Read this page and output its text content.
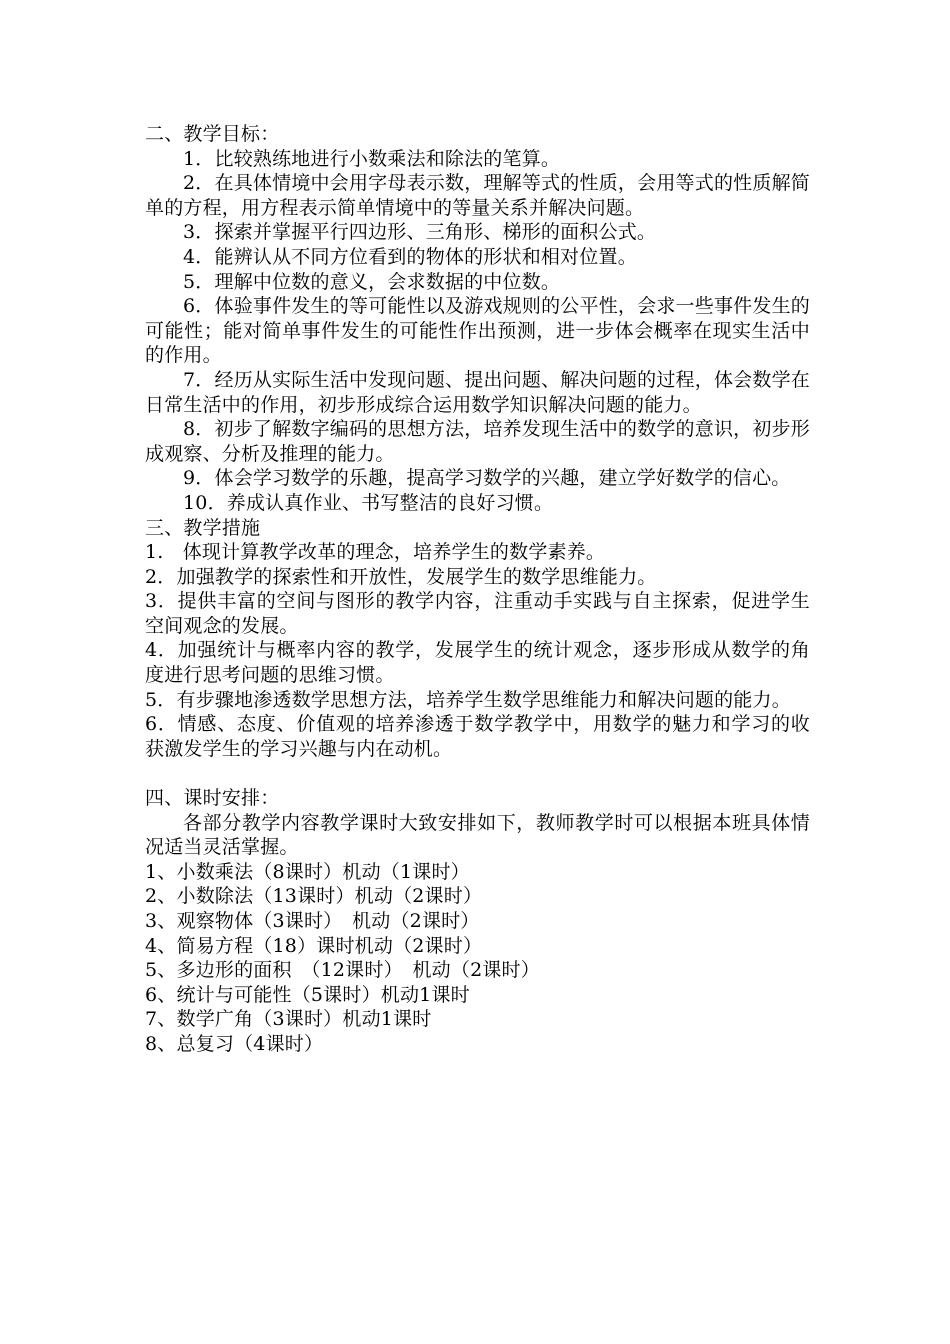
二、教学目标：

1．比较熟练地进行小数乘法和除法的笔算。

2．在具体情境中会用字母表示数，理解等式的性质，会用等式的性质解简单的方程，用方程表示简单情境中的等量关系并解决问题。

3．探索并掌握平行四边形、三角形、梯形的面积公式。

4．能辨认从不同方位看到的物体的形状和相对位置。

5．理解中位数的意义，会求数据的中位数。

6．体验事件发生的等可能性以及游戏规则的公平性，会求一些事件发生的可能性；能对简单事件发生的可能性作出预测，进一步体会概率在现实生活中的作用。

7．经历从实际生活中发现问题、提出问题、解决问题的过程，体会数学在日常生活中的作用，初步形成综合运用数学知识解决问题的能力。

8．初步了解数字编码的思想方法，培养发现生活中的数学的意识，初步形成观察、分析及推理的能力。

9．体会学习数学的乐趣，提高学习数学的兴趣，建立学好数学的信心。

10．养成认真作业、书写整洁的良好习惯。

三、教学措施

1.　体现计算教学改革的理念，培养学生的数学素养。

2．加强教学的探索性和开放性，发展学生的数学思维能力。

3．提供丰富的空间与图形的教学内容，注重动手实践与自主探索，促进学生空间观念的发展。

4．加强统计与概率内容的教学，发展学生的统计观念，逐步形成从数学的角度进行思考问题的思维习惯。

5．有步骤地渗透数学思想方法，培养学生数学思维能力和解决问题的能力。

6．情感、态度、价值观的培养渗透于数学教学中，用数学的魅力和学习的收获激发学生的学习兴趣与内在动机。

四、课时安排：

各部分教学内容教学课时大致安排如下，教师教学时可以根据本班具体情况适当灵活掌握。

1、小数乘法（8课时）机动（1课时）

2、小数除法（13课时）机动（2课时）

3、观察物体（3课时）　机动（2课时）

4、简易方程（18）课时机动（2课时）

5、多边形的面积　（12课时）　机动（2课时）

6、统计与可能性（5课时）机动1课时

7、数学广角（3课时）机动1课时

8、总复习（4课时）
